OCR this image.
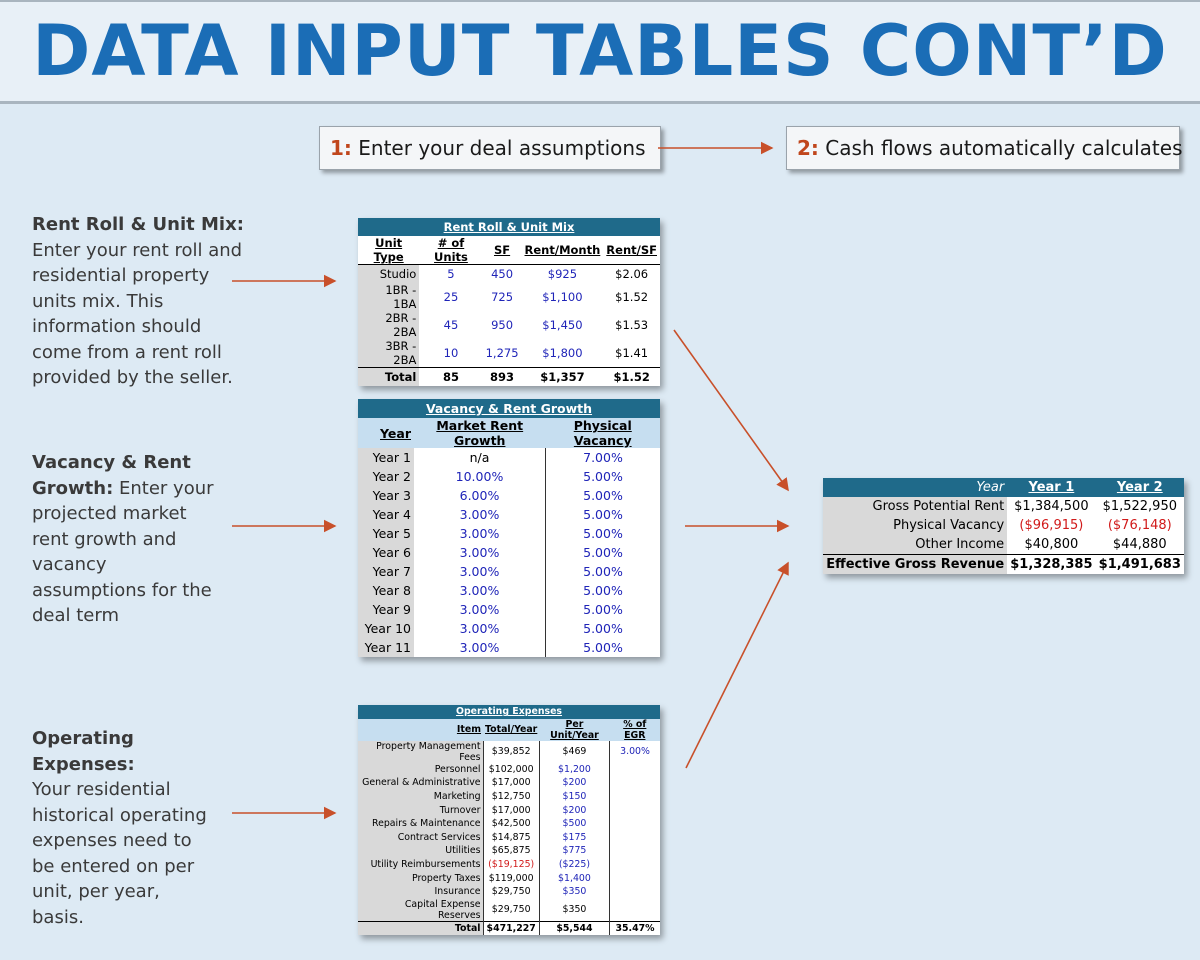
DATA INPUT TABLES CONT’D
1: Enter your deal assumptions	2: Cash flows automatically calculates
Rent Roll & Unit Mix:
Enter your rent roll and residential property units mix. This information should come from a rent roll provided by the seller.
Vacancy & Rent Growth: Enter your projected market rent growth and vacancy assumptions for the deal term
Operating Expenses:
Your residential historical operating expenses need to be entered on per unit, per year, basis.
Rent Roll & Unit Mix				
Unit Type	# of Units	SF	Rent/Month	Rent/SF
Studio	5	450	$925	$2.06
1BR - 1BA	25	725	$1,100	$1.52
2BR - 2BA	45	950	$1,450	$1.53
3BR - 2BA	10	1,275	$1,800	$1.41
Total	85	893	$1,357	$1.52
Vacancy & Rent Growth		
Year	Market Rent Growth	Physical Vacancy
Year 1	n/a	7.00%
Year 2	10.00%	5.00%
Year 3	6.00%	5.00%
Year 4	3.00%	5.00%
Year 5	3.00%	5.00%
Year 6	3.00%	5.00%
Year 7	3.00%	5.00%
Year 8	3.00%	5.00%
Year 9	3.00%	5.00%
Year 10	3.00%	5.00%
Year 11	3.00%	5.00%
Operating Expenses			
Item	Total/Year	Per Unit/Year	% of EGR
Property Management Fees	$39,852	$469	3.00%
Personnel	$102,000	$1,200	
General & Administrative	$17,000	$200	
Marketing	$12,750	$150	
Turnover	$17,000	$200	
Repairs & Maintenance	$42,500	$500	
Contract Services	$14,875	$175	
Utilities	$65,875	$775	
Utility Reimbursements	($19,125)	($225)	
Property Taxes	$119,000	$1,400	
Insurance	$29,750	$350	
Capital Expense Reserves	$29,750	$350	
Total	$471,227	$5,544	35.47%
Year	Year 1	Year 2
Gross Potential Rent	$1,384,500	$1,522,950
Physical Vacancy	($96,915)	($76,148)
Other Income	$40,800	$44,880
Effective Gross Revenue	$1,328,385	$1,491,683
